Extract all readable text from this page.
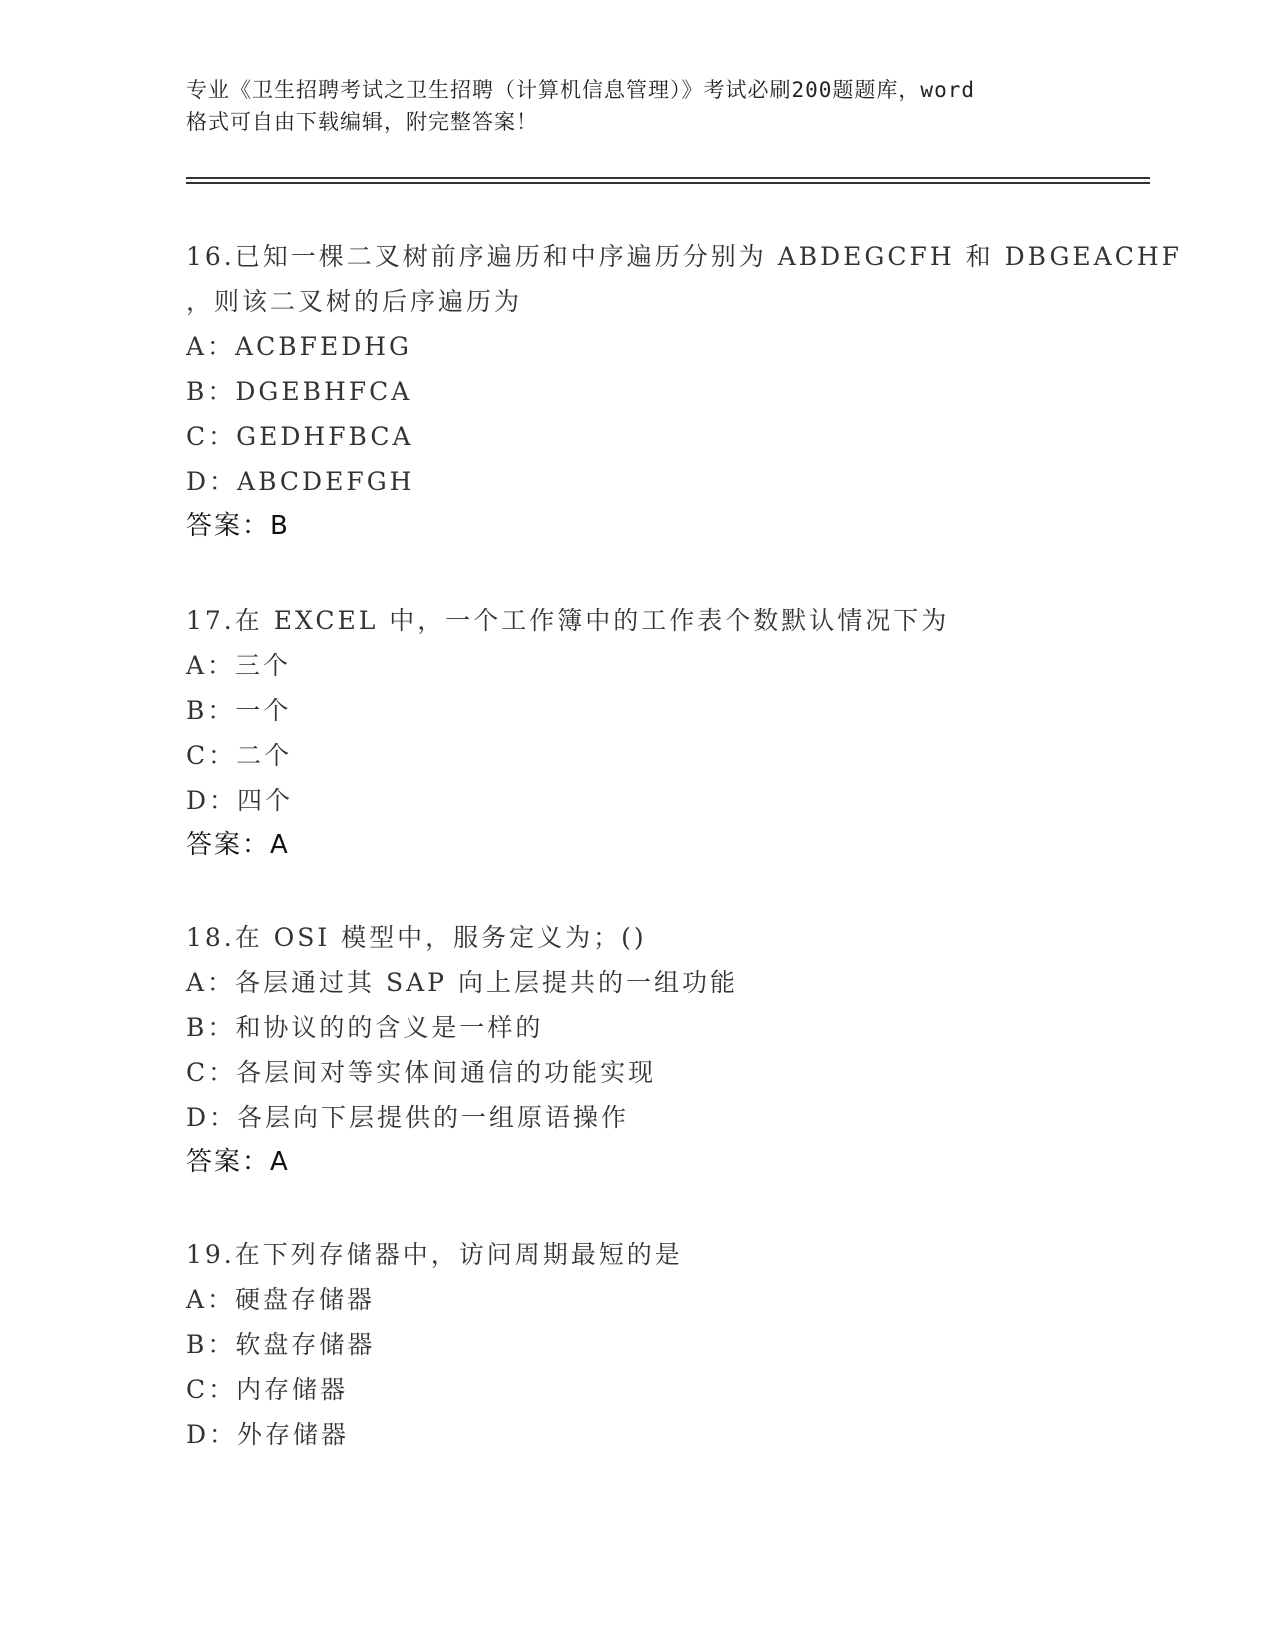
专业《卫生招聘考试之卫生招聘（计算机信息管理）》考试必刷200题题库，word
格式可自由下载编辑，附完整答案！
16.已知一棵二叉树前序遍历和中序遍历分别为 ABDEGCFH 和 DBGEACHF
，则该二叉树的后序遍历为
A：ACBFEDHG
B：DGEBHFCA
C：GEDHFBCA
D：ABCDEFGH
答案：B
17.在 EXCEL 中，一个工作簿中的工作表个数默认情况下为
A：三个
B：一个
C：二个
D：四个
答案：A
18.在 OSI 模型中，服务定义为；()
A：各层通过其 SAP 向上层提共的一组功能
B：和协议的的含义是一样的
C：各层间对等实体间通信的功能实现
D：各层向下层提供的一组原语操作
答案：A
19.在下列存储器中，访问周期最短的是
A：硬盘存储器
B：软盘存储器
C：内存储器
D：外存储器
